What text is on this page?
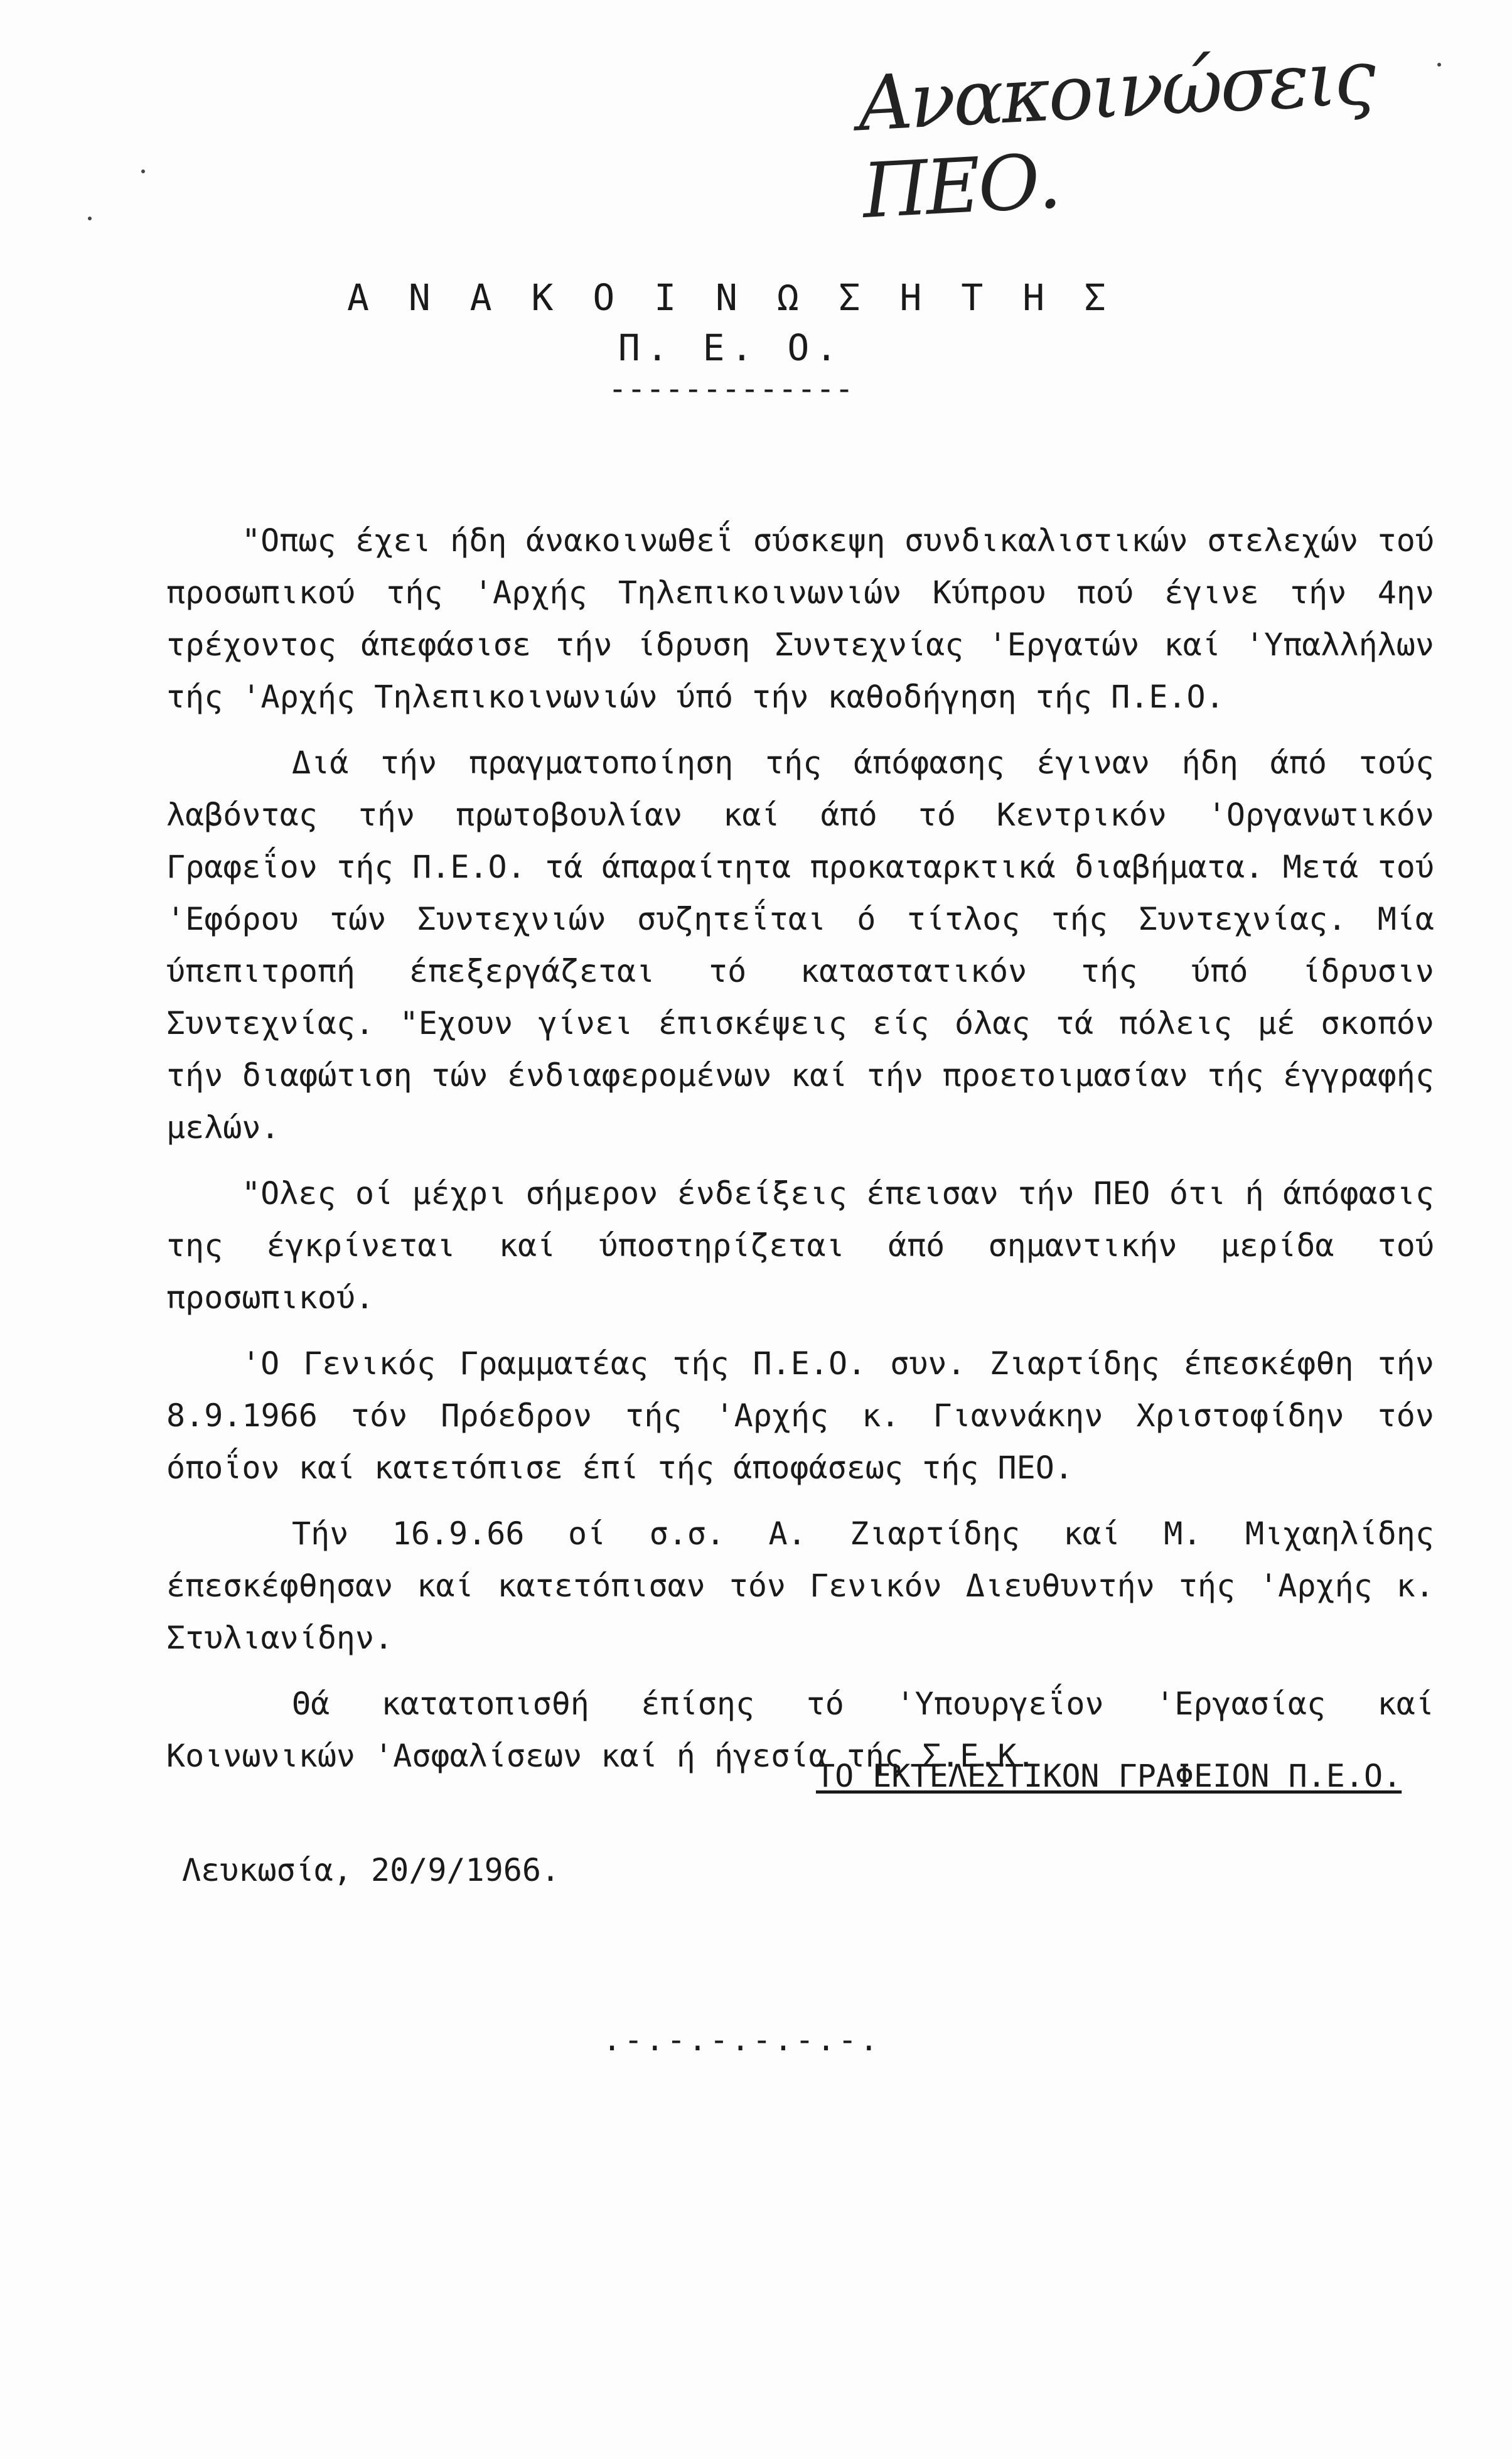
Ανακοινώσεις ΠΕΟ.
Α Ν Α Κ Ο Ι Ν Ω Σ Η Τ Η Σ
Π. Ε. Ο.
-------------

"Οπως έχει ήδη άνακοινωθεΐ σύσκεψη συνδικαλιστικών στελεχών τού προσωπικού τής 'Αρχής Τηλεπικοινωνιών Κύπρου πού έγινε τήν 4ην τρέχοντος άπεφάσισε τήν ίδρυση Συντεχνίας 'Εργατών καί 'Υπαλλήλων τής 'Αρχής Τηλεπικοινωνιών ύπό τήν καθοδήγηση τής Π.Ε.Ο.

Διά τήν πραγματοποίηση τής άπόφασης έγιναν ήδη άπό τούς λαβόντας τήν πρωτοβουλίαν καί άπό τό Κεντρικόν 'Οργανωτικόν Γραφεΐον τής Π.Ε.Ο. τά άπαραίτητα προκαταρκτικά διαβήματα. Μετά τού 'Εφόρου τών Συντεχνιών συζητεΐται ό τίτλος τής Συντεχνίας. Μία ύπεπιτροπή έπεξεργάζεται τό καταστατικόν τής ύπό ίδρυσιν Συντεχνίας. "Εχουν γίνει έπισκέψεις είς όλας τά πόλεις μέ σκοπόν τήν διαφώτιση τών ένδιαφερομένων καί τήν προετοιμασίαν τής έγγραφής μελών.

"Ολες οί μέχρι σήμερον ένδείξεις έπεισαν τήν ΠΕΟ ότι ή άπόφασις της έγκρίνεται καί ύποστηρίζεται άπό σημαντικήν μερίδα τού προσωπικού.

'Ο Γενικός Γραμματέας τής Π.Ε.Ο. συν. Ζιαρτίδης έπεσκέφθη τήν 8.9.1966 τόν Πρόεδρον τής 'Αρχής κ. Γιαννάκην Χριστοφίδην τόν όποΐον καί κατετόπισε έπί τής άποφάσεως τής ΠΕΟ.

Τήν 16.9.66 οί σ.σ. Α. Ζιαρτίδης καί Μ. Μιχαηλίδης έπεσκέφθησαν καί κατετόπισαν τόν Γενικόν Διευθυντήν τής 'Αρχής κ. Στυλιανίδην.

Θά κατατοπισθή έπίσης τό 'Υπουργεΐον 'Εργασίας καί Κοινωνικών 'Ασφαλίσεων καί ή ήγεσία τής Σ.Ε.Κ.

ΤΟ ΕΚΤΕΛΕΣΤΙΚΟΝ ΓΡΑΦΕΙΟΝ Π.Ε.Ο.
Λευκωσία, 20/9/1966.
.-.-.-.-.-.-.
